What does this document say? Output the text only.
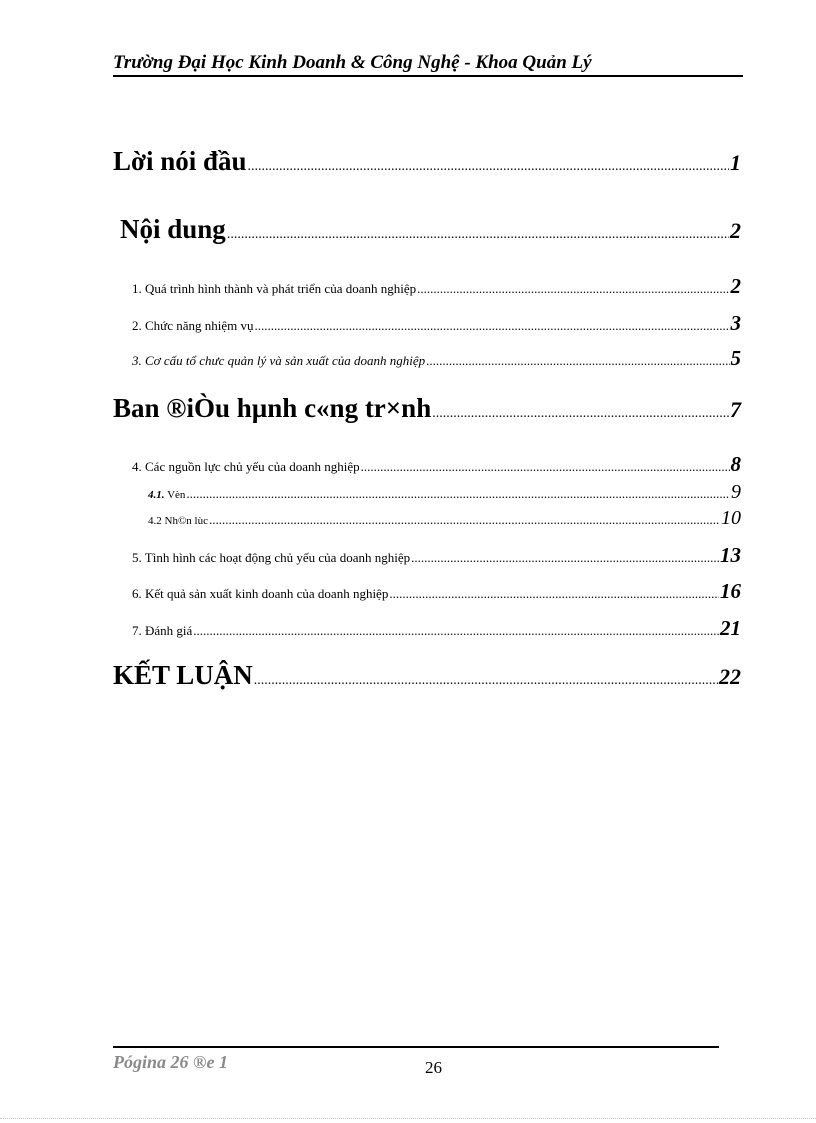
Trường Đại Học Kinh Doanh & Công Nghệ - Khoa Quản Lý
Lời nói đầu .....	1
Nội dung .....	2
1. Quá trình hình thành và phát triển của doanh nghiệp .....	2
2. Chức năng nhiệm vụ .....	3
3. Cơ cấu tổ chưc quản lý và sản xuất của doanh nghiệp .....	5
Ban ®iÒu hµnh c«ng tr×nh .....	7
4. Các nguồn lực chủ yếu của doanh nghiệp .....	8
4.1. Vèn .....	9
4.2 Nh©n lùc .....	10
5. Tình hình các hoạt động chủ yếu của doanh nghiệp .....	13
6. Kết quả sản xuất kinh doanh của doanh nghiệp .....	16
7. Đánh giá .....	21
KẾT LUẬN .....	22
Pógina 26 ®e 1	26
